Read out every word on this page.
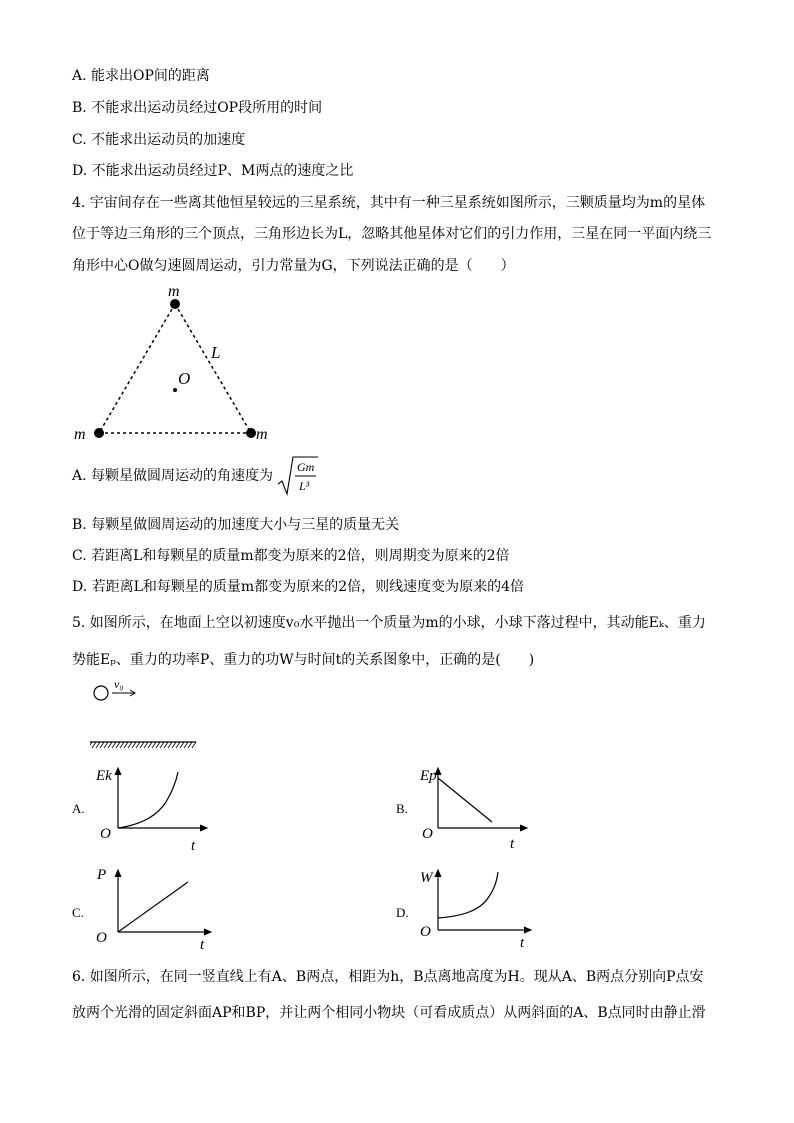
A. 能求出OP间的距离
B. 不能求出运动员经过OP段所用的时间
C. 不能求出运动员的加速度
D. 不能求出运动员经过P、M两点的速度之比
4. 宇宙间存在一些离其他恒星较远的三星系统，其中有一种三星系统如图所示，三颗质量均为m的星体
位于等边三角形的三个顶点，三角形边长为L，忽略其他星体对它们的引力作用，三星在同一平面内绕三
角形中心O做匀速圆周运动，引力常量为G，下列说法正确的是（　　）
m
m	m
L
O
A. 每颗星做圆周运动的角速度为
Gm
L³
B. 每颗星做圆周运动的加速度大小与三星的质量无关
C. 若距离L和每颗星的质量m都变为原来的2倍，则周期变为原来的2倍
D. 若距离L和每颗星的质量m都变为原来的2倍，则线速度变为原来的4倍
5. 如图所示，在地面上空以初速度v₀水平抛出一个质量为m的小球，小球下落过程中，其动能Eₖ、重力
势能Eₚ、重力的功率P、重力的功W与时间t的关系图象中，正确的是(　　)
v₀
A.
Ek
O
t
B.
Ep
O
t
C.
P
O	t
D.
W
O
t
6. 如图所示，在同一竖直线上有A、B两点，相距为h，B点离地高度为H。现从A、B两点分别向P点安
放两个光滑的固定斜面AP和BP，并让两个相同小物块（可看成质点）从两斜面的A、B点同时由静止滑
